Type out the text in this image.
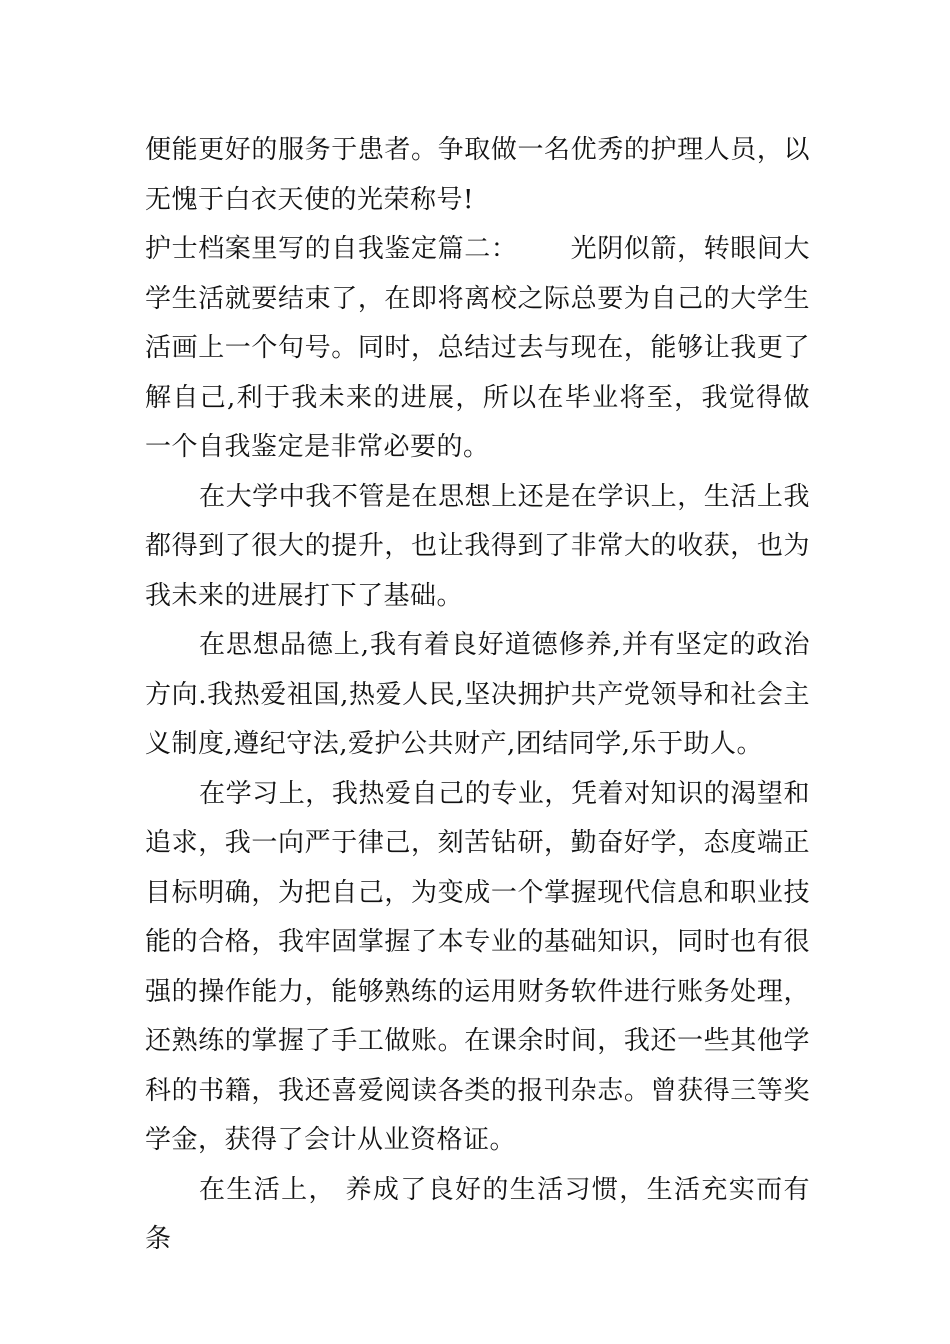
便能更好的服务于患者。争取做一名优秀的护理人员，以无愧于白衣天使的光荣称号!

护士档案里写的自我鉴定篇二： 光阴似箭，转眼间大学生活就要结束了，在即将离校之际总要为自己的大学生活画上一个句号。同时，总结过去与现在，能够让我更了解自己,利于我未来的进展，所以在毕业将至，我觉得做一个自我鉴定是非常必要的。

在大学中我不管是在思想上还是在学识上，生活上我都得到了很大的提升，也让我得到了非常大的收获，也为我未来的进展打下了基础。

在思想品德上,我有着良好道德修养,并有坚定的政治方向.我热爱祖国,热爱人民,坚决拥护共产党领导和社会主义制度,遵纪守法,爱护公共财产,团结同学,乐于助人。

在学习上，我热爱自己的专业，凭着对知识的渴望和追求，我一向严于律己，刻苦钻研，勤奋好学，态度端正目标明确，为把自己，为变成一个掌握现代信息和职业技能的合格，我牢固掌握了本专业的基础知识，同时也有很强的操作能力，能够熟练的运用财务软件进行账务处理，还熟练的掌握了手工做账。在课余时间，我还一些其他学科的书籍，我还喜爱阅读各类的报刊杂志。曾获得三等奖学金，获得了会计从业资格证。

在生活上， 养成了良好的生活习惯，生活充实而有条
